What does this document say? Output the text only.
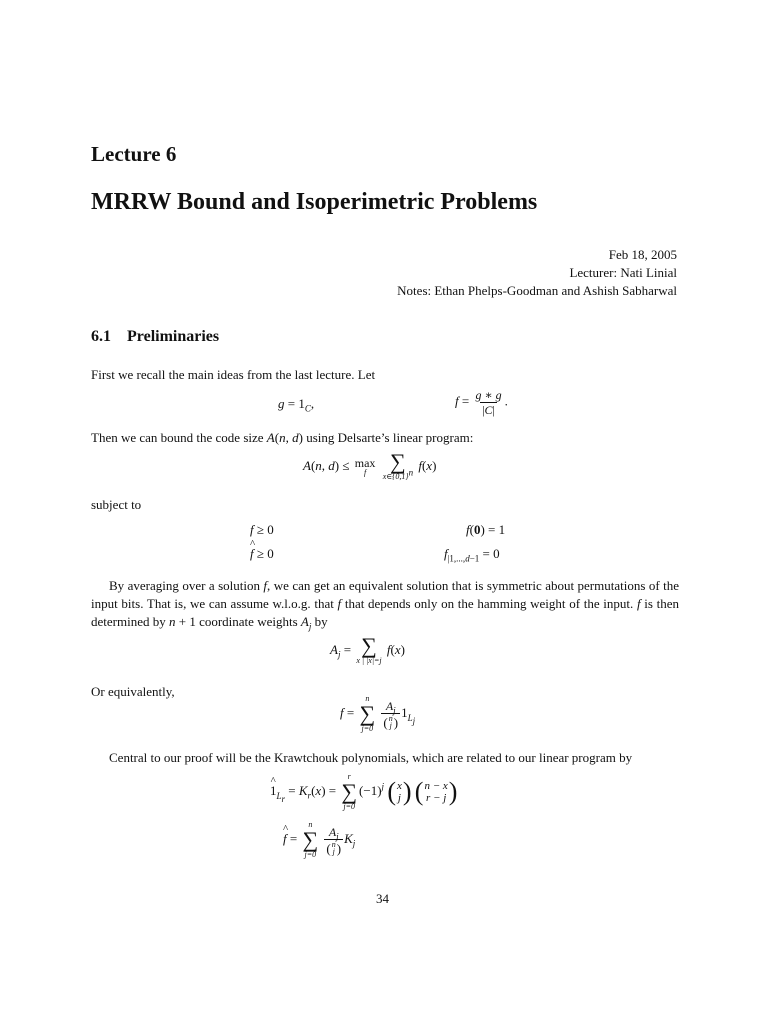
Lecture 6
MRRW Bound and Isoperimetric Problems
Feb 18, 2005
Lecturer: Nati Linial
Notes: Ethan Phelps-Goodman and Ashish Sabharwal
6.1 Preliminaries
First we recall the main ideas from the last lecture. Let
$g = 1_C$,	$f = \frac{g ∗ g}{|C|}$ .
Then we can bound the code size A(n, d) using Delsarte’s linear program:
A(n, d) ≤ max
f
∑
$x\in\{0,1\}^n$ f(x)
subject to
f ≥ 0	f(0) = 1
^ f ≥ 0	$f_{|1,...,d-1} = 0$
By averaging over a solution f, we can get an equivalent solution that is symmetric about permutations of the input bits. That is, we can assume w.l.o.g. that f that depends only on the hamming weight of the input. f is then determined by n + 1 coordinate weights $A_j$ by
$A_j$ = ∑
x | |x|=j
f(x)
Or equivalently,
f =
n
∑
j=0
$A_j$
( n
j ) $1_{L_j}$
Central to our proof will be the Krawtchouk polynomials, which are related to our linear program by
^ $1_{L_r} = K_r(x)$ =
r
∑
j=0
$(-1)^j$ ( x
j )
( n − x
r − j )
^ f =
n
∑
j=0
$A_j$
( n
j ) $K_j$
34
